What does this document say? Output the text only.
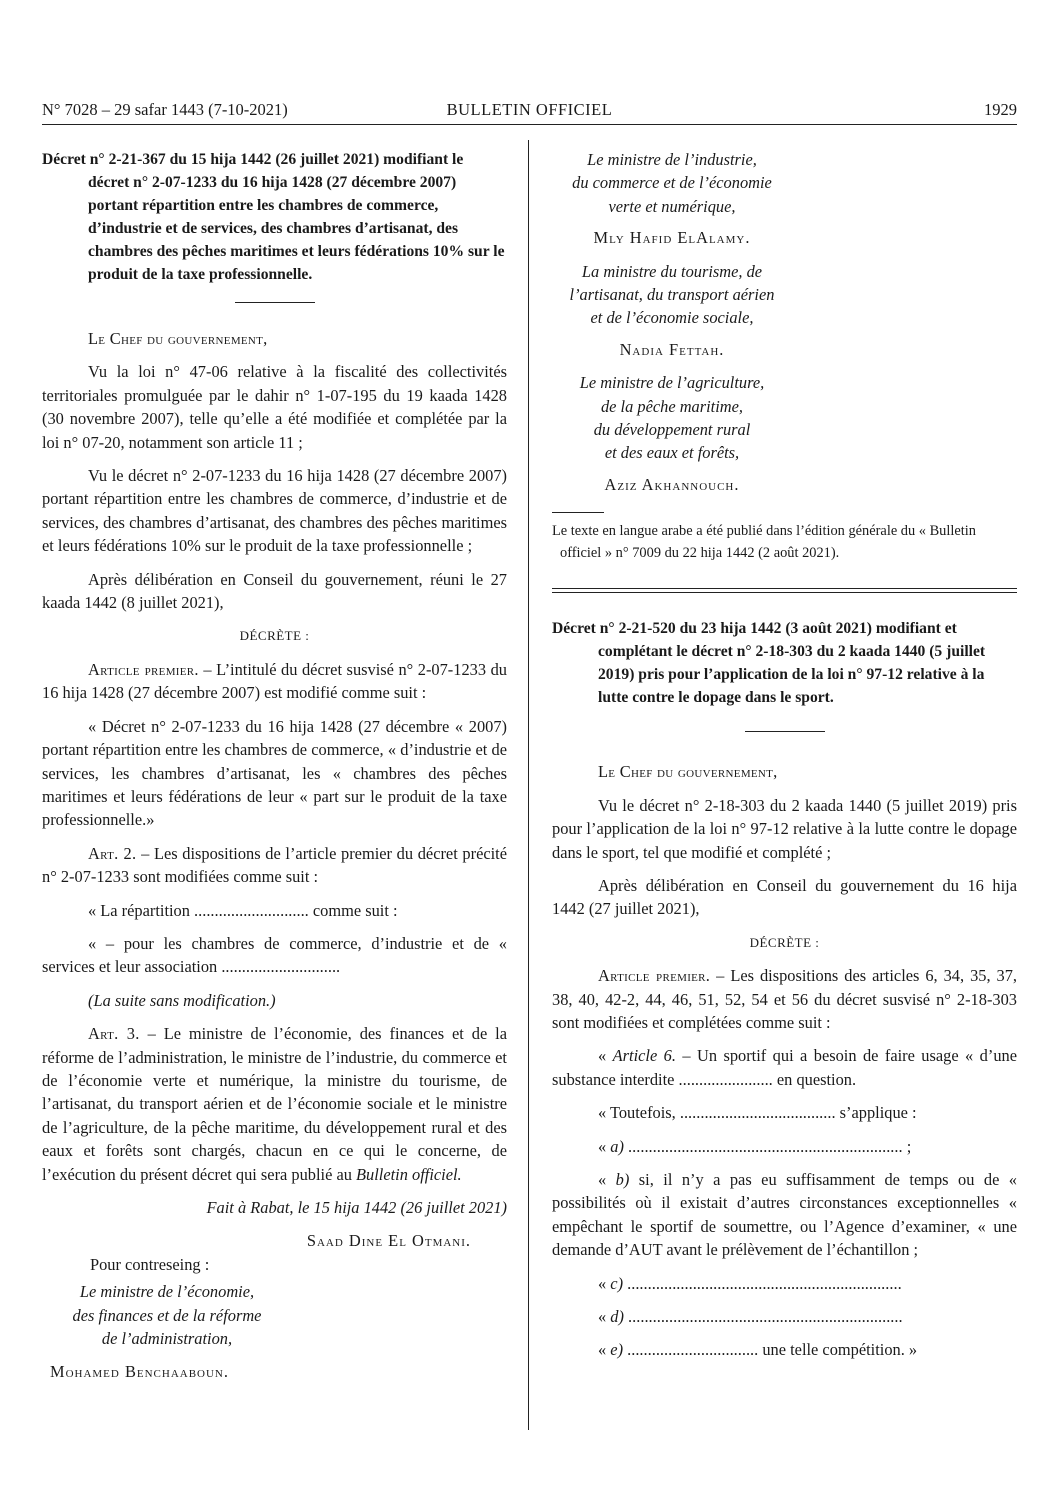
N° 7028 – 29 safar 1443 (7-10-2021)	BULLETIN OFFICIEL	1929

Décret n° 2-21-367 du 15 hija 1442 (26 juillet 2021) modifiant le décret n° 2-07-1233 du 16 hija 1428 (27 décembre 2007) portant répartition entre les chambres de commerce, d’industrie et de services, des chambres d’artisanat, des chambres des pêches maritimes et leurs fédérations 10% sur le produit de la taxe professionnelle.

Le Chef du gouvernement,

Vu la loi n° 47-06 relative à la fiscalité des collectivités territoriales promulguée par le dahir n° 1-07-195 du 19 kaada 1428 (30 novembre 2007), telle qu’elle a été modifiée et complétée par la loi n° 07-20, notamment son article 11 ;

Vu le décret n° 2-07-1233 du 16 hija 1428 (27 décembre 2007) portant répartition entre les chambres de commerce, d’industrie et de services, des chambres d’artisanat, des chambres des pêches maritimes et leurs fédérations 10% sur le produit de la taxe professionnelle ;

Après délibération en Conseil du gouvernement, réuni le 27 kaada 1442 (8 juillet 2021),

DÉCRÈTE :

Article premier. – L’intitulé du décret susvisé n° 2-07-1233 du 16 hija 1428 (27 décembre 2007) est modifié comme suit :

« Décret n° 2-07-1233 du 16 hija 1428 (27 décembre « 2007) portant répartition entre les chambres de commerce, « d’industrie et de services, les chambres d’artisanat, les « chambres des pêches maritimes et leurs fédérations de leur « part sur le produit de la taxe professionnelle.»

Art. 2. – Les dispositions de l’article premier du décret précité n° 2-07-1233 sont modifiées comme suit :

« La répartition ............................ comme suit :

« – pour les chambres de commerce, d’industrie et de « services et leur association .............................

(La suite sans modification.)

Art. 3. – Le ministre de l’économie, des finances et de la réforme de l’administration, le ministre de l’industrie, du commerce et de l’économie verte et numérique, la ministre du tourisme, de l’artisanat, du transport aérien et de l’économie sociale et le ministre de l’agriculture, de la pêche maritime, du développement rural et des eaux et forêts sont chargés, chacun en ce qui le concerne, de l’exécution du présent décret qui sera publié au Bulletin officiel.

Fait à Rabat, le 15 hija 1442 (26 juillet 2021)

Saad Dine El Otmani.

Pour contreseing :

Le ministre de l’économie,

des finances et de la réforme

de l’administration,

Mohamed Benchaaboun.

Le ministre de l’industrie,

du commerce et de l’économie

verte et numérique,

Mly Hafid ElAlamy.

La ministre du tourisme, de

l’artisanat, du transport aérien

et de l’économie sociale,

Nadia Fettah.

Le ministre de l’agriculture,

de la pêche maritime,

du développement rural

et des eaux et forêts,

Aziz Akhannouch.

Le texte en langue arabe a été publié dans l’édition générale du « Bulletin officiel » n° 7009 du 22 hija 1442 (2 août 2021).

Décret n° 2-21-520 du 23 hija 1442 (3 août 2021) modifiant et complétant le décret n° 2-18-303 du 2 kaada 1440 (5 juillet 2019) pris pour l’application de la loi n° 97-12 relative à la lutte contre le dopage dans le sport.

Le Chef du gouvernement,

Vu le décret n° 2-18-303 du 2 kaada 1440 (5 juillet 2019) pris pour l’application de la loi n° 97-12 relative à la lutte contre le dopage dans le sport, tel que modifié et complété ;

Après délibération en Conseil du gouvernement du 16 hija 1442 (27 juillet 2021),

DÉCRÈTE :

Article premier. – Les dispositions des articles 6, 34, 35, 37, 38, 40, 42-2, 44, 46, 51, 52, 54 et 56 du décret susvisé n° 2-18-303 sont modifiées et complétées comme suit :

« Article 6. – Un sportif qui a besoin de faire usage « d’une substance interdite ....................... en question.

« Toutefois, ...................................... s’applique :

« a) ................................................................... ;

« b) si, il n’y a pas eu suffisamment de temps ou de « possibilités où il existait d’autres circonstances exceptionnelles « empêchant le sportif de soumettre, ou l’Agence d’examiner, « une demande d’AUT avant le prélèvement de l’échantillon ;

« c) ...................................................................

« d) ...................................................................

« e) ................................ une telle compétition. »
